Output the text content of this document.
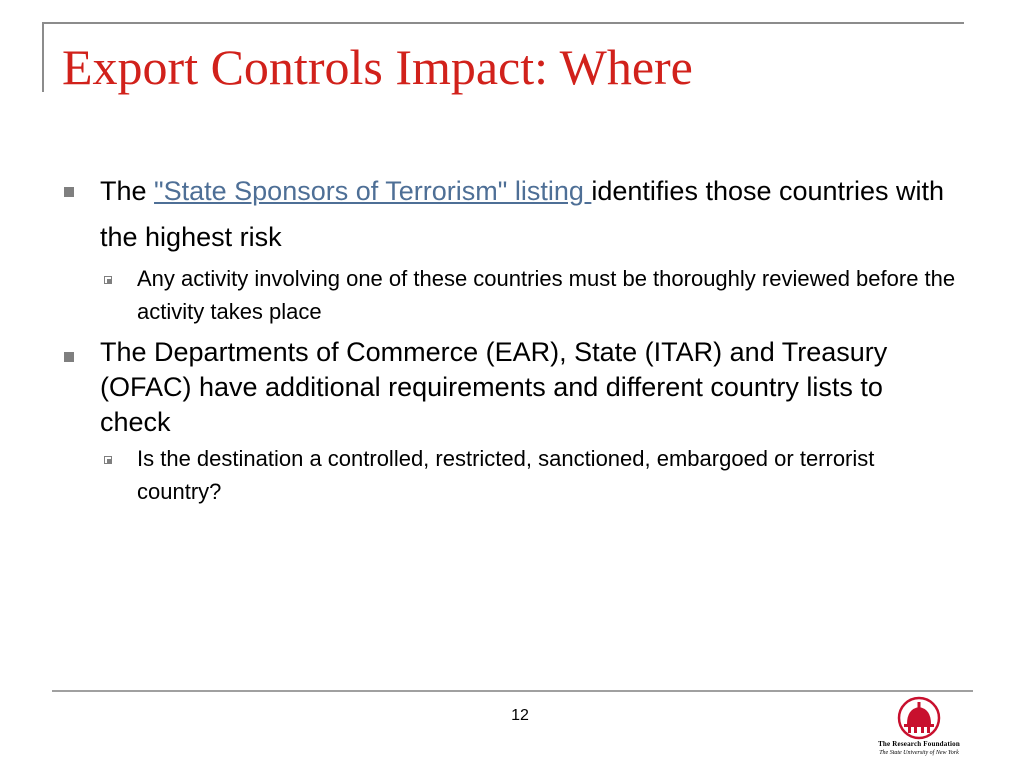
Export Controls Impact: Where
The "State Sponsors of Terrorism" listing identifies those countries with the highest risk
Any activity involving one of these countries must be thoroughly reviewed before the activity takes place
The Departments of Commerce (EAR), State (ITAR) and Treasury (OFAC) have additional requirements and different country lists to check
Is the destination a controlled, restricted, sanctioned, embargoed or terrorist country?
12
The Research Foundation
The State University of New York
